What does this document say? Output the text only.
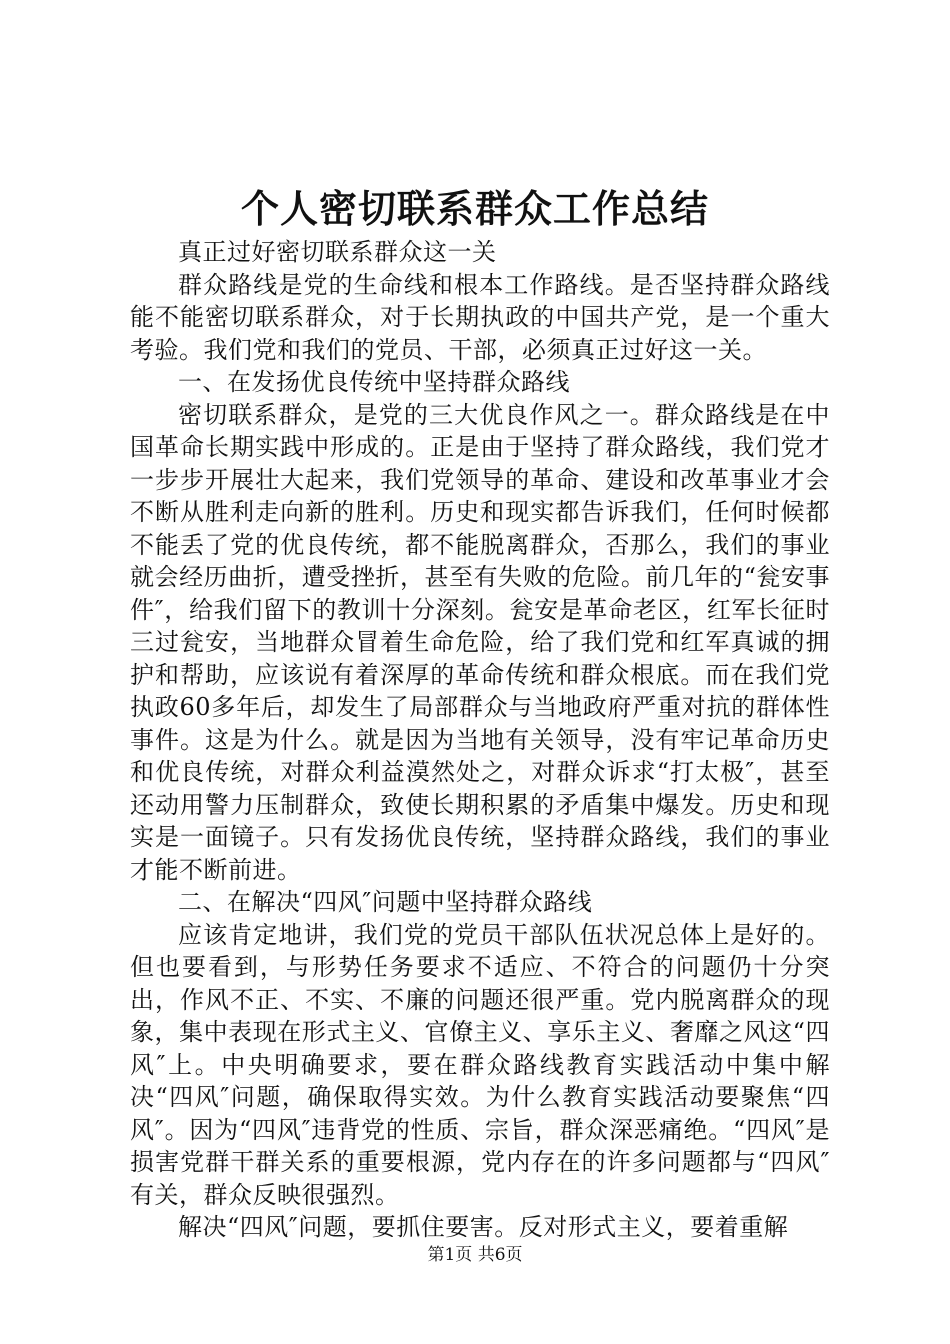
个人密切联系群众工作总结

真正过好密切联系群众这一关

群众路线是党的生命线和根本工作路线。是否坚持群众路线能不能密切联系群众，对于长期执政的中国共产党，是一个重大考验。我们党和我们的党员、干部，必须真正过好这一关。

一、在发扬优良传统中坚持群众路线

密切联系群众，是党的三大优良作风之一。群众路线是在中国革命长期实践中形成的。正是由于坚持了群众路线，我们党才一步步开展壮大起来，我们党领导的革命、建设和改革事业才会不断从胜利走向新的胜利。历史和现实都告诉我们，任何时候都不能丢了党的优良传统，都不能脱离群众，否那么，我们的事业就会经历曲折，遭受挫折，甚至有失败的危险。前几年的“瓮安事件″，给我们留下的教训十分深刻。瓮安是革命老区，红军长征时三过瓮安，当地群众冒着生命危险，给了我们党和红军真诚的拥护和帮助，应该说有着深厚的革命传统和群众根底。而在我们党执政60多年后，却发生了局部群众与当地政府严重对抗的群体性事件。这是为什么。就是因为当地有关领导，没有牢记革命历史和优良传统，对群众利益漠然处之，对群众诉求“打太极″，甚至还动用警力压制群众，致使长期积累的矛盾集中爆发。历史和现实是一面镜子。只有发扬优良传统，坚持群众路线，我们的事业才能不断前进。

二、在解决“四风″问题中坚持群众路线

应该肯定地讲，我们党的党员干部队伍状况总体上是好的。但也要看到，与形势任务要求不适应、不符合的问题仍十分突出，作风不正、不实、不廉的问题还很严重。党内脱离群众的现象，集中表现在形式主义、官僚主义、享乐主义、奢靡之风这“四风″上。中央明确要求，要在群众路线教育实践活动中集中解决“四风″问题，确保取得实效。为什么教育实践活动要聚焦“四风″。因为“四风″违背党的性质、宗旨，群众深恶痛绝。“四风″是损害党群干群关系的重要根源，党内存在的许多问题都与“四风″有关，群众反映很强烈。

解决“四风″问题，要抓住要害。反对形式主义，要着重解

第1页 共6页
